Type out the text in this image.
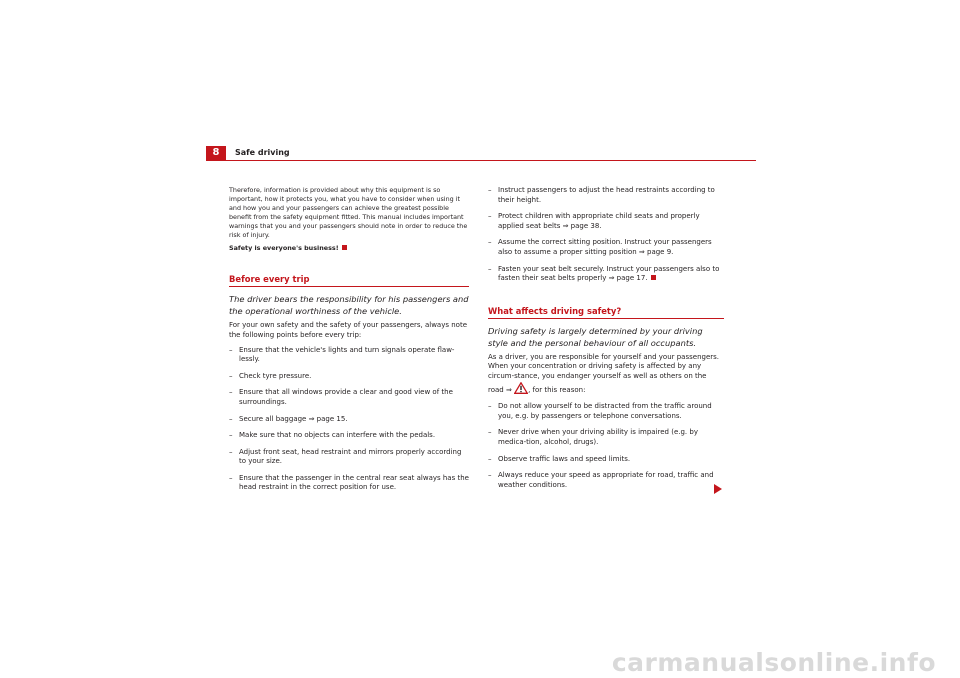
8	Safe driving

Therefore, information is provided about why this equipment is so important, how it protects you, what you have to consider when using it and how you and your passengers can achieve the greatest possible benefit from the safety equipment fitted. This manual includes important warnings that you and your passengers should note in order to reduce the risk of injury.

Safety is everyone's business!

Before every trip
The driver bears the responsibility for his passengers and the operational worthiness of the vehicle.

For your own safety and the safety of your passengers, always note the following points before every trip:

– Ensure that the vehicle's lights and turn signals operate flaw-lessly.
– Check tyre pressure.
– Ensure that all windows provide a clear and good view of the surroundings.
– Secure all baggage ⇒ page 15.
– Make sure that no objects can interfere with the pedals.
– Adjust front seat, head restraint and mirrors properly according to your size.
– Ensure that the passenger in the central rear seat always has the head restraint in the correct position for use.
– Instruct passengers to adjust the head restraints according to their height.
– Protect children with appropriate child seats and properly applied seat belts ⇒ page 38.
– Assume the correct sitting position. Instruct your passengers also to assume a proper sitting position ⇒ page 9.
– Fasten your seat belt securely. Instruct your passengers also to fasten their seat belts properly ⇒ page 17.
What affects driving safety?
Driving safety is largely determined by your driving style and the personal behaviour of all occupants.

As a driver, you are responsible for yourself and your passengers. When your concentration or driving safety is affected by any circum-stance, you endanger yourself as well as others on the road ⇒ , for this reason:

– Do not allow yourself to be distracted from the traffic around you, e.g. by passengers or telephone conversations.
– Never drive when your driving ability is impaired (e.g. by medica-tion, alcohol, drugs).
– Observe traffic laws and speed limits.
– Always reduce your speed as appropriate for road, traffic and weather conditions.
carmanualsonline.info
